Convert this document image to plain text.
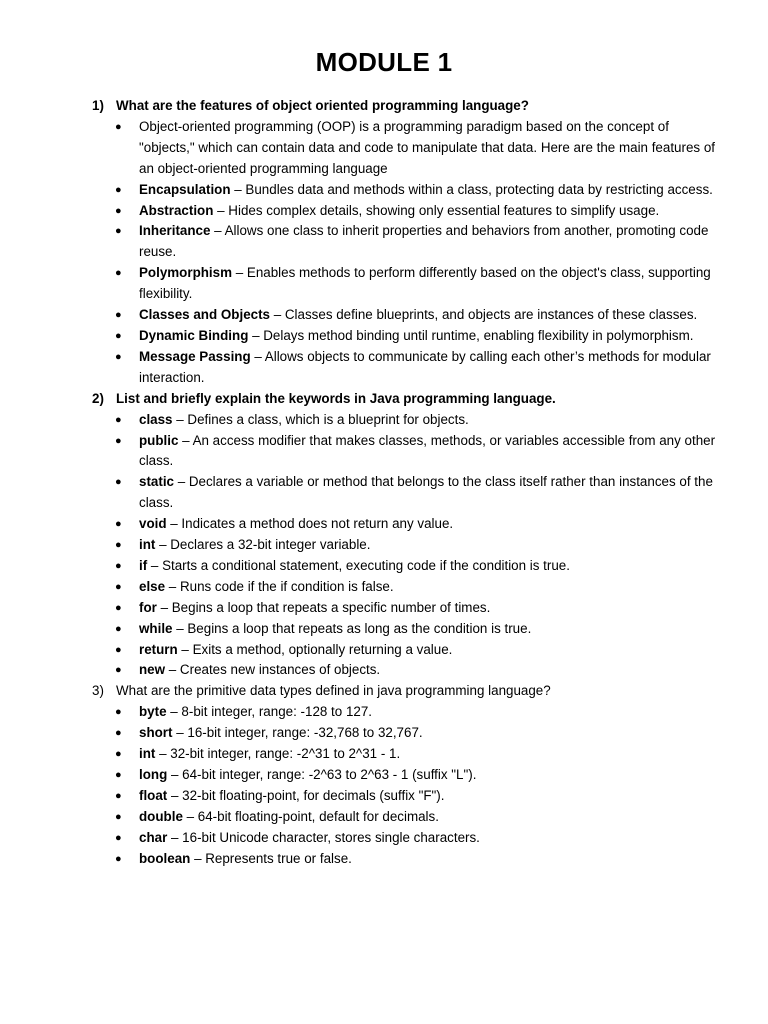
MODULE 1
1) What are the features of object oriented programming language?
● Object-oriented programming (OOP) is a programming paradigm based on the concept of "objects," which can contain data and code to manipulate that data. Here are the main features of an object-oriented programming language
● Encapsulation – Bundles data and methods within a class, protecting data by restricting access.
● Abstraction – Hides complex details, showing only essential features to simplify usage.
● Inheritance – Allows one class to inherit properties and behaviors from another, promoting code reuse.
● Polymorphism – Enables methods to perform differently based on the object's class, supporting flexibility.
● Classes and Objects – Classes define blueprints, and objects are instances of these classes.
● Dynamic Binding – Delays method binding until runtime, enabling flexibility in polymorphism.
● Message Passing – Allows objects to communicate by calling each other’s methods for modular interaction.
2) List and briefly explain the keywords in Java programming language.
● class – Defines a class, which is a blueprint for objects.
● public – An access modifier that makes classes, methods, or variables accessible from any other class.
● static – Declares a variable or method that belongs to the class itself rather than instances of the class.
● void – Indicates a method does not return any value.
● int – Declares a 32-bit integer variable.
● if – Starts a conditional statement, executing code if the condition is true.
● else – Runs code if the if condition is false.
● for – Begins a loop that repeats a specific number of times.
● while – Begins a loop that repeats as long as the condition is true.
● return – Exits a method, optionally returning a value.
● new – Creates new instances of objects.
3) What are the primitive data types defined in java programming language?
● byte – 8-bit integer, range: -128 to 127.
● short – 16-bit integer, range: -32,768 to 32,767.
● int – 32-bit integer, range: -2^31 to 2^31 - 1.
● long – 64-bit integer, range: -2^63 to 2^63 - 1 (suffix "L").
● float – 32-bit floating-point, for decimals (suffix "F").
● double – 64-bit floating-point, default for decimals.
● char – 16-bit Unicode character, stores single characters.
● boolean – Represents true or false.
